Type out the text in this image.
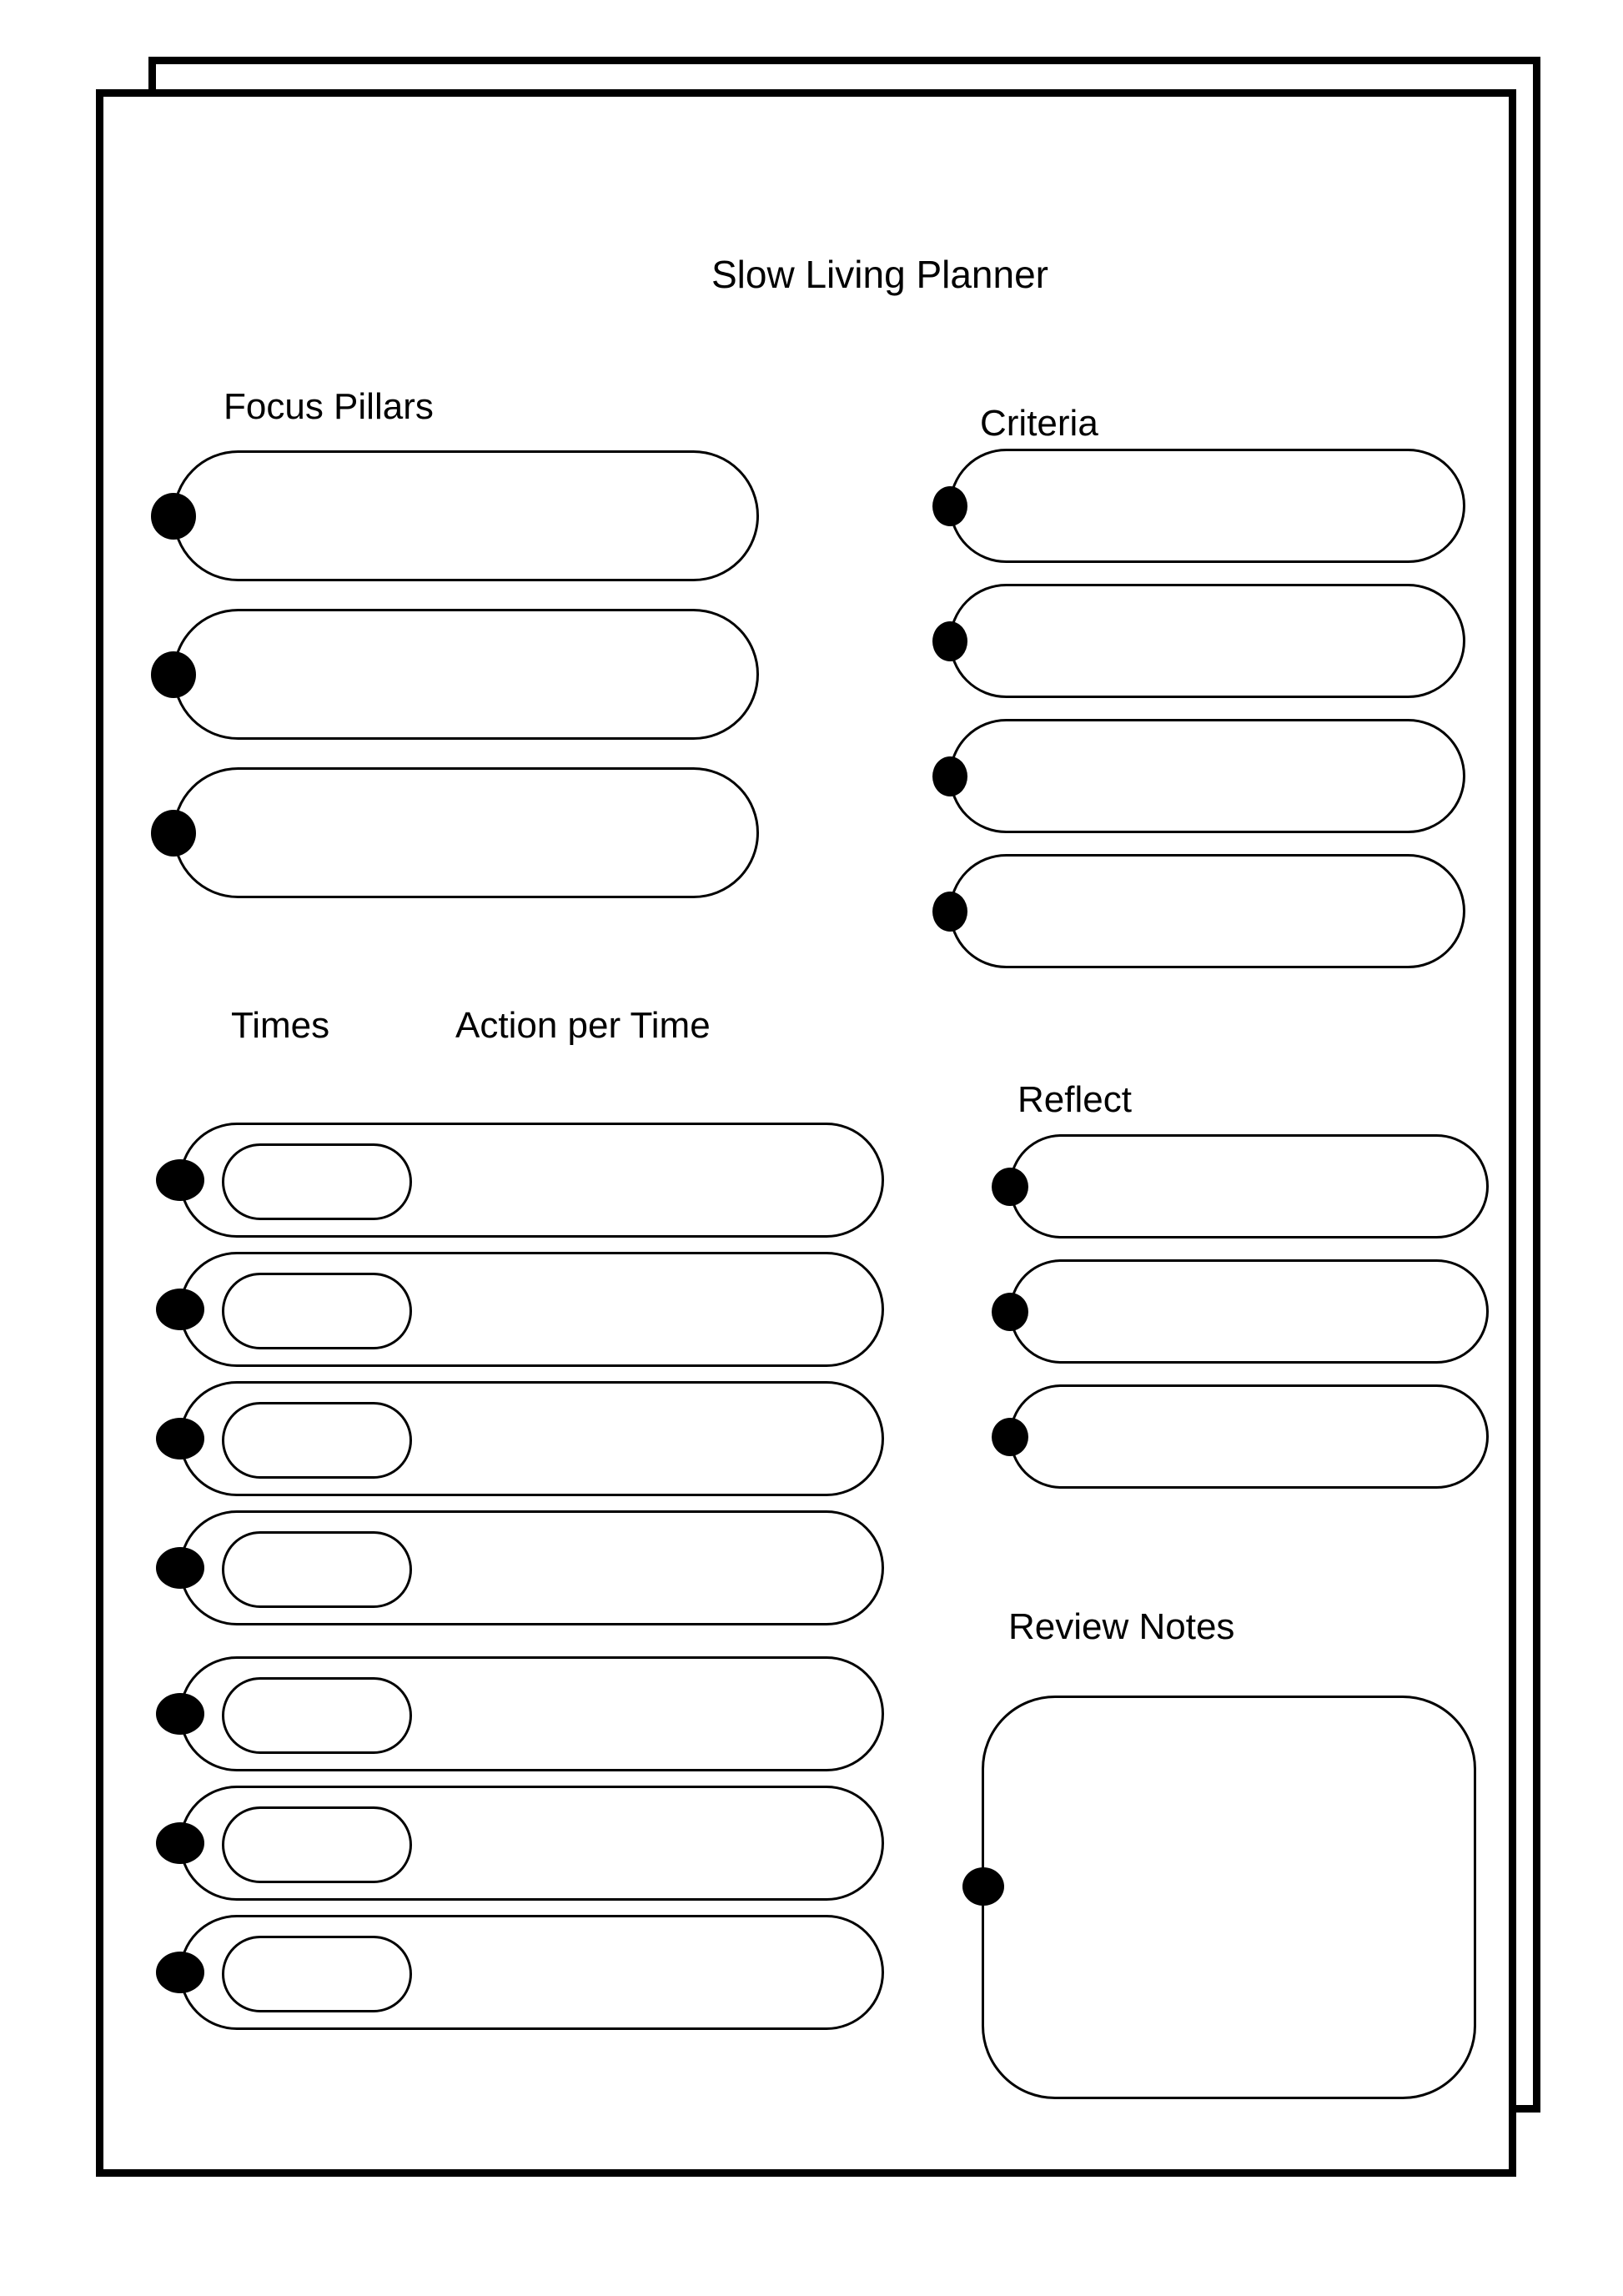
Slow Living Planner
Focus Pillars	Criteria
Times	Action per Time
Reflect
Review Notes
